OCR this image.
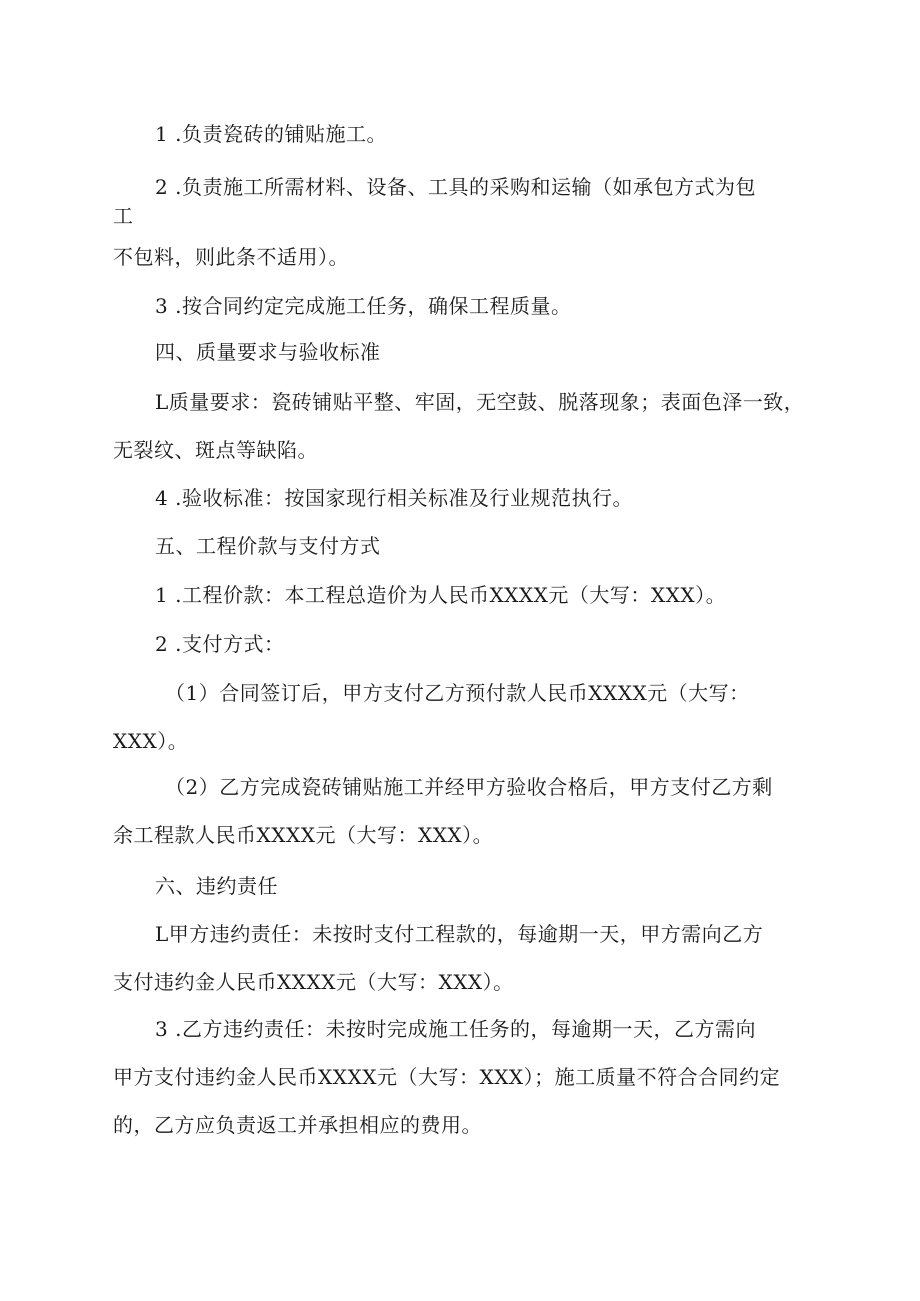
1 .负责瓷砖的铺贴施工。
2 .负责施工所需材料、设备、工具的采购和运输（如承包方式为包
工
不包料，则此条不适用）。
3 .按合同约定完成施工任务，确保工程质量。
四、质量要求与验收标准
L质量要求：瓷砖铺贴平整、牢固，无空鼓、脱落现象；表面色泽一致，
无裂纹、斑点等缺陷。
4 .验收标准：按国家现行相关标准及行业规范执行。
五、工程价款与支付方式
1 .工程价款：本工程总造价为人民币XXXX元（大写：XXX）。
2 .支付方式：
（1）合同签订后，甲方支付乙方预付款人民币XXXX元（大写：
XXX）。
（2）乙方完成瓷砖铺贴施工并经甲方验收合格后，甲方支付乙方剩
余工程款人民币XXXX元（大写：XXX）。
六、违约责任
L甲方违约责任：未按时支付工程款的，每逾期一天，甲方需向乙方
支付违约金人民币XXXX元（大写：XXX）。
3 .乙方违约责任：未按时完成施工任务的，每逾期一天，乙方需向
甲方支付违约金人民币XXXX元（大写：XXX）；施工质量不符合合同约定
的，乙方应负责返工并承担相应的费用。
